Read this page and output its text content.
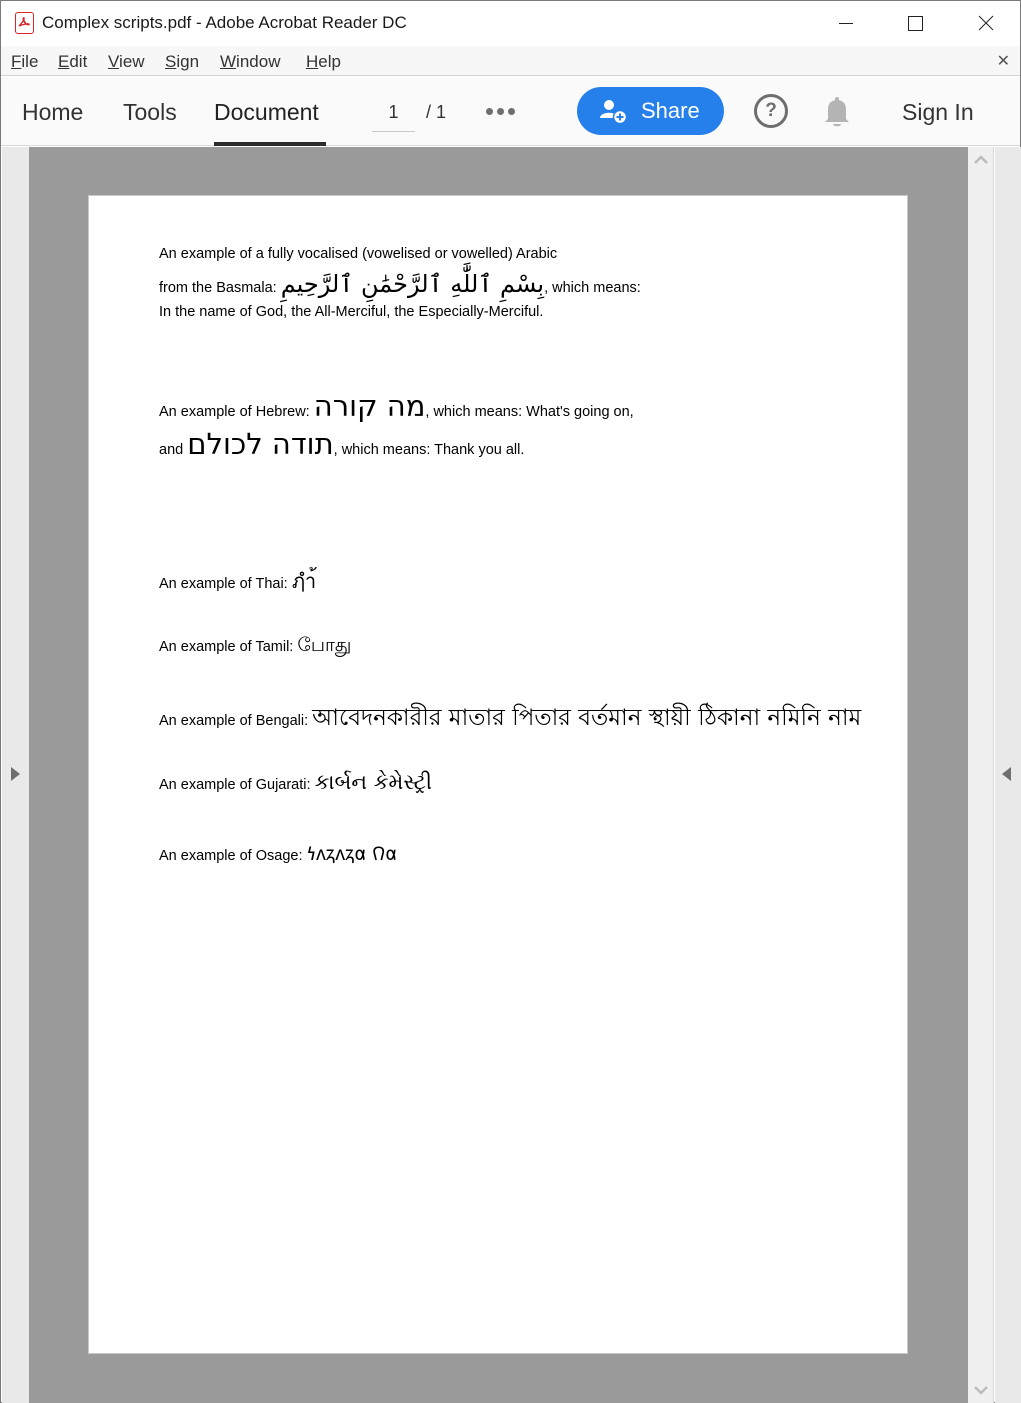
Complex scripts.pdf - Adobe Acrobat Reader DC
File Edit View Sign Window Help	✕
Home Tools Document	1	/ 1	Share	?	Sign In
An example of a fully vocalised (vowelised or vowelled) Arabic
from the Basmala: بِسْمِ ٱللَّٰهِ ٱلرَّحْمَٰنِ ٱلرَّحِيمِ, which means:
In the name of God, the All-Merciful, the Especially-Merciful.
An example of Hebrew: מה קורה, which means: What's going on,
and תודה לכולם, which means: Thank you all.
An example of Thai: ฦำ้
An example of Tamil: போது
An example of Bengali: আবেদনকারীর মাতার পিতার বর্তমান স্থায়ী ঠিকানা নমিনি নাম
An example of Gujarati: કાર્બન કેમેસ્ટ્રી
An example of Osage: 𐓏𐓘𐓻𐓘𐓻𐓟 𐒻𐓟
